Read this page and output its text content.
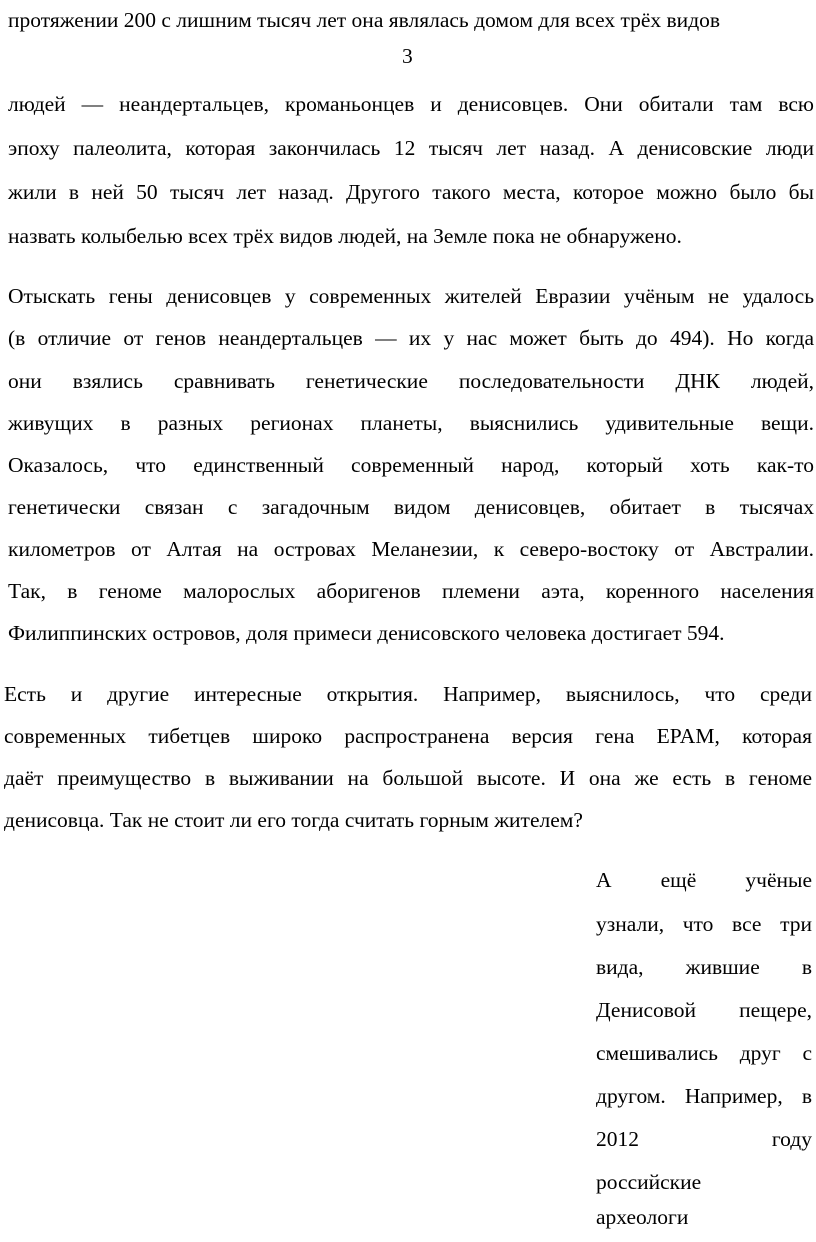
протяжении 200 с лишним тысяч лет она являлась домом для всех трёх видов
3
людей — неандертальцев, кроманьонцев и денисовцев. Они обитали там всю
эпоху палеолита, которая закончилась 12 тысяч лет назад. А денисовские люди
жили в ней 50 тысяч лет назад. Другого такого места, которое можно было бы
назвать колыбелью всех трёх видов людей, на Земле пока не обнаружено.
Отыскать гены денисовцев у современных жителей Евразии учёным не удалось
(в отличие от генов неандертальцев — их у нас может быть до 494). Но когда
они взялись сравнивать генетические последовательности ДНК людей,
живущих в разных регионах планеты, выяснились удивительные вещи.
Оказалось, что единственный современный народ, который хоть как-то
генетически связан с загадочным видом денисовцев, обитает в тысячах
километров от Алтая на островах Меланезии, к северо-востоку от Австралии.
Так, в геноме малорослых аборигенов племени аэта, коренного населения
Филиппинских островов, доля примеси денисовского человека достигает 594.
Есть и другие интересные открытия. Например, выяснилось, что среди
современных тибетцев широко распространена версия гена EPAM, которая
даёт преимущество в выживании на большой высоте. И она же есть в геноме
денисовца. Так не стоит ли его тогда считать горным жителем?
А ещё учёные
узнали, что все три
вида, жившие в
Денисовой пещере,
смешивались друг с
другом. Например, в
2012 году
российские
археологи
